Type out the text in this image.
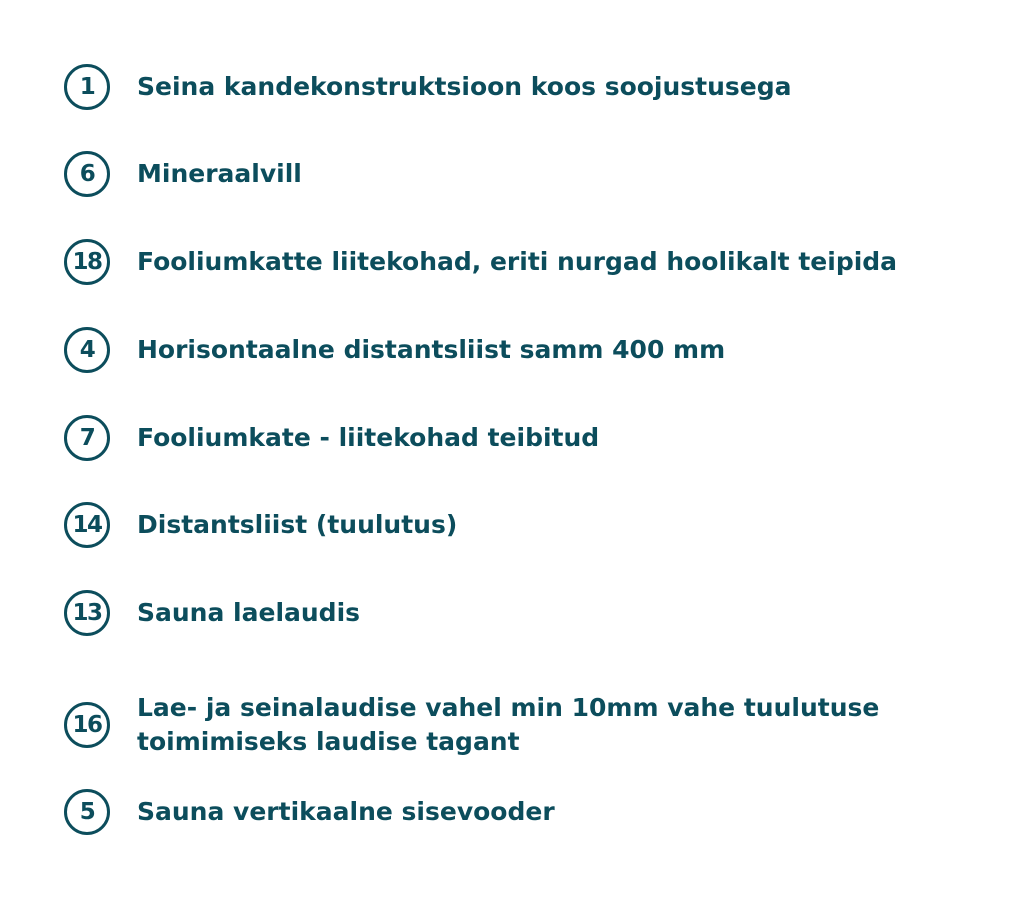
1 Seina kandekonstruktsioon koos soojustusega
6 Mineraalvill
18 Fooliumkatte liitekohad, eriti nurgad hoolikalt teipida
4 Horisontaalne distantsliist samm 400 mm
7 Fooliumkate - liitekohad teibitud
14 Distantsliist (tuulutus)
13 Sauna laelaudis
16
Lae- ja seinalaudise vahel min 10mm vahe tuulutuse
toimimiseks laudise tagant
5 Sauna vertikaalne sisevooder
